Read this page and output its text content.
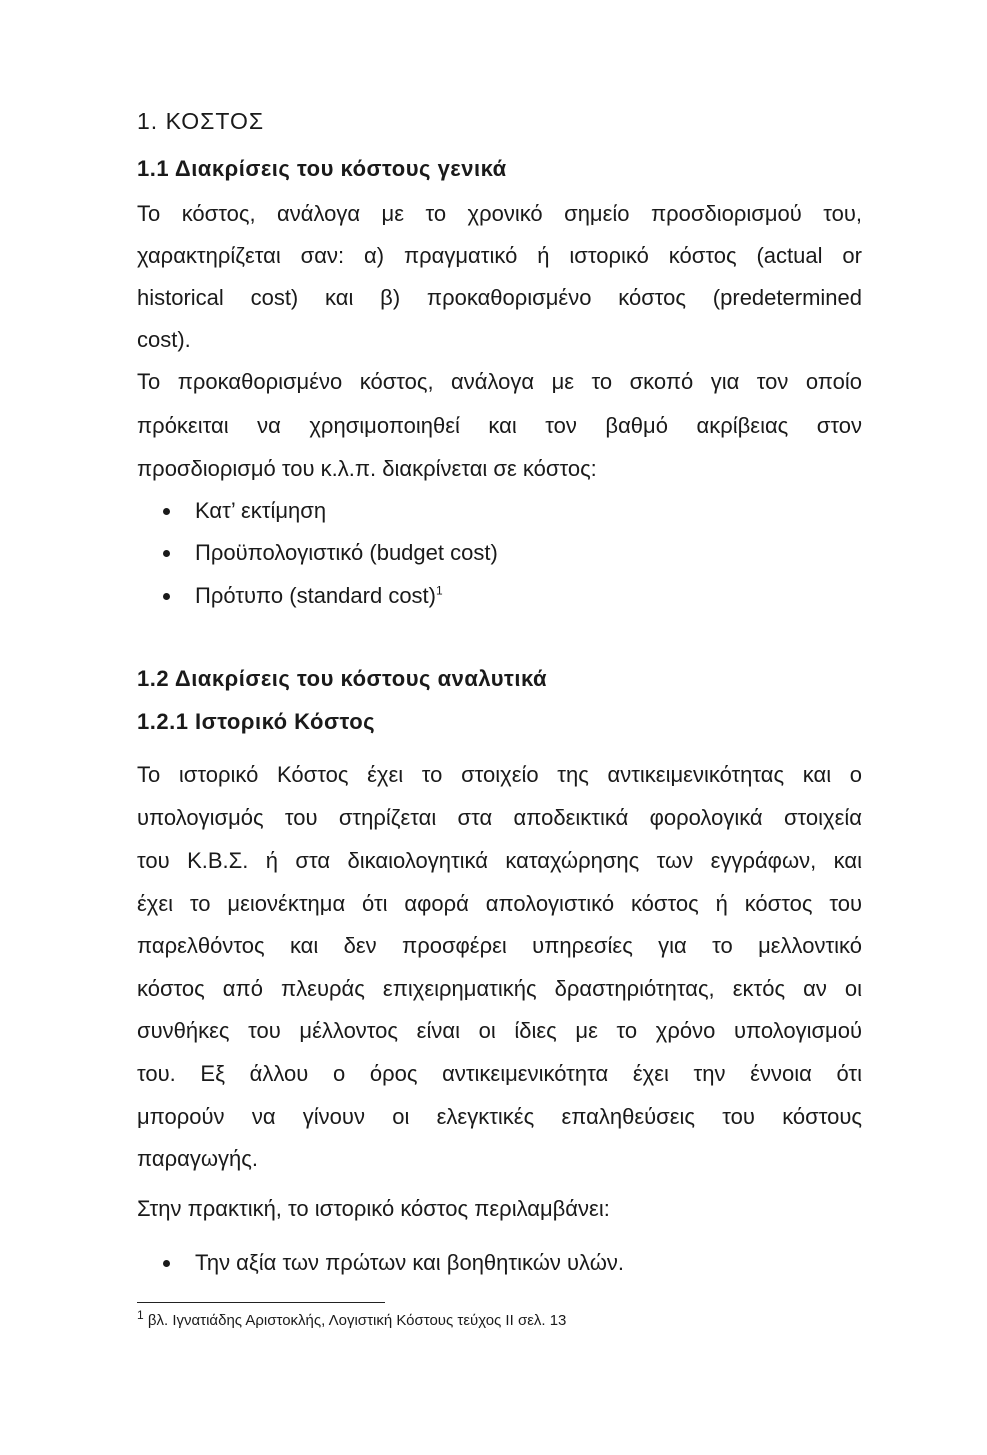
1. ΚΟΣΤΟΣ
1.1 Διακρίσεις του κόστους γενικά
Το κόστος, ανάλογα με το χρονικό σημείο προσδιορισμού του,
χαρακτηρίζεται σαν: α) πραγματικό ή ιστορικό κόστος (actual or
historical cost) και β) προκαθορισμένο κόστος (predetermined
cost).
Το προκαθορισμένο κόστος, ανάλογα με το σκοπό για τον οποίο
πρόκειται να χρησιμοποιηθεί και τον βαθμό ακρίβειας στον
προσδιορισμό του κ.λ.π. διακρίνεται σε κόστος:
Κατ’ εκτίμηση
Προϋπολογιστικό (budget cost)
Πρότυπο (standard cost)$^1$
1.2 Διακρίσεις του κόστους αναλυτικά
1.2.1 Ιστορικό Κόστος
Το ιστορικό Κόστος έχει το στοιχείο της αντικειμενικότητας και ο
υπολογισμός του στηρίζεται στα αποδεικτικά φορολογικά στοιχεία
του Κ.Β.Σ. ή στα δικαιολογητικά καταχώρησης των εγγράφων, και
έχει το μειονέκτημα ότι αφορά απολογιστικό κόστος ή κόστος του
παρελθόντος και δεν προσφέρει υπηρεσίες για το μελλοντικό
κόστος από πλευράς επιχειρηματικής δραστηριότητας, εκτός αν οι
συνθήκες του μέλλοντος είναι οι ίδιες με το χρόνο υπολογισμού
του. Εξ άλλου ο όρος αντικειμενικότητα έχει την έννοια ότι
μπορούν να γίνουν οι ελεγκτικές επαληθεύσεις του κόστους
παραγωγής.
Στην πρακτική, το ιστορικό κόστος περιλαμβάνει:
Την αξία των πρώτων και βοηθητικών υλών.
$^1$ βλ. Ιγνατιάδης Αριστοκλής, Λογιστική Κόστους τεύχος ΙΙ σελ. 13
